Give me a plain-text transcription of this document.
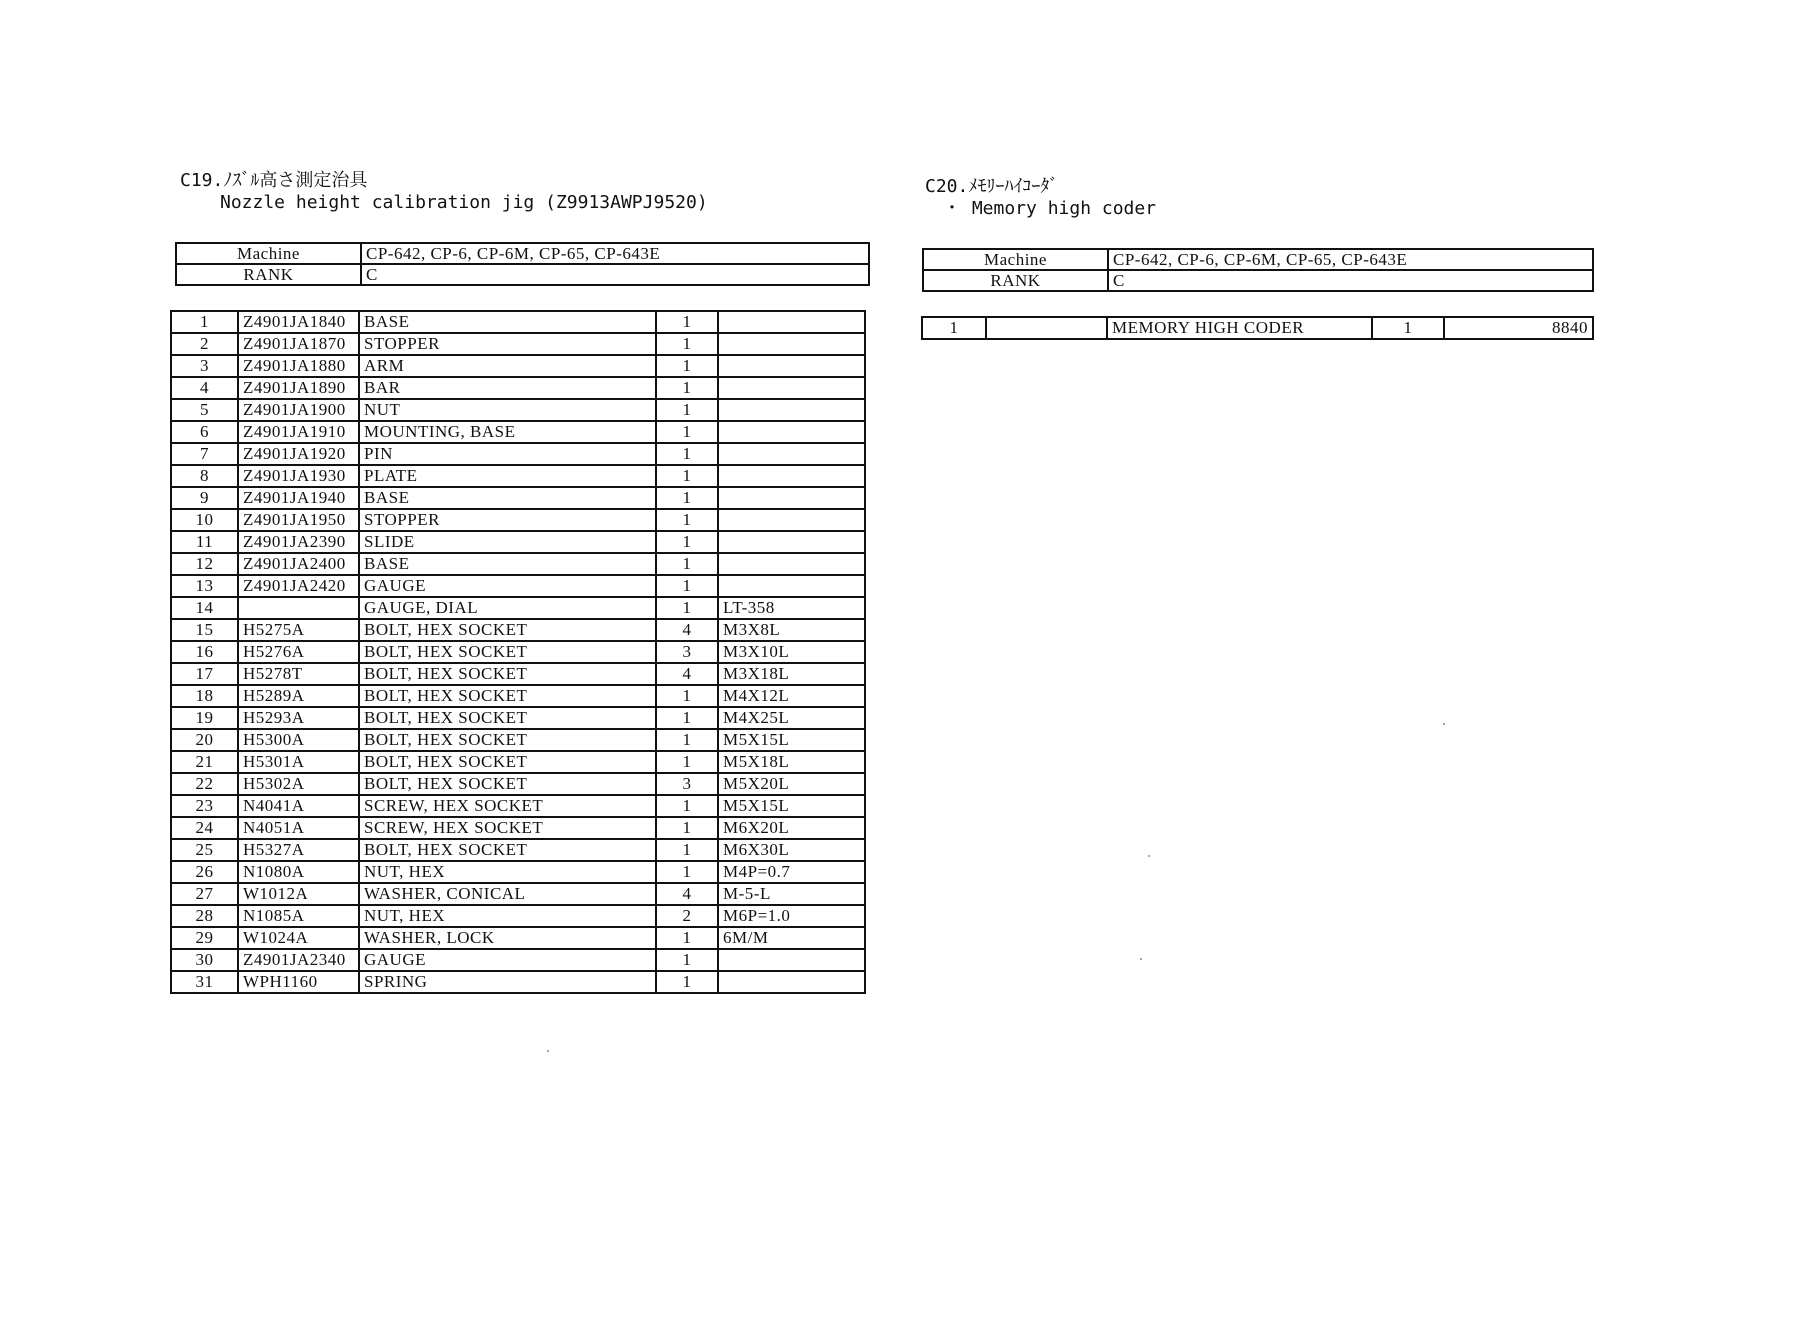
C19.ﾉｽﾞﾙ高さ測定治具
Nozzle height calibration jig (Z9913AWPJ9520)
Machine	CP-642, CP-6, CP-6M, CP-65, CP-643E
RANK	C
1	Z4901JA1840	BASE	1	
2	Z4901JA1870	STOPPER	1	
3	Z4901JA1880	ARM	1	
4	Z4901JA1890	BAR	1	
5	Z4901JA1900	NUT	1	
6	Z4901JA1910	MOUNTING, BASE	1	
7	Z4901JA1920	PIN	1	
8	Z4901JA1930	PLATE	1	
9	Z4901JA1940	BASE	1	
10	Z4901JA1950	STOPPER	1	
11	Z4901JA2390	SLIDE	1	
12	Z4901JA2400	BASE	1	
13	Z4901JA2420	GAUGE	1	
14		GAUGE, DIAL	1	LT-358
15	H5275A	BOLT, HEX SOCKET	4	M3X8L
16	H5276A	BOLT, HEX SOCKET	3	M3X10L
17	H5278T	BOLT, HEX SOCKET	4	M3X18L
18	H5289A	BOLT, HEX SOCKET	1	M4X12L
19	H5293A	BOLT, HEX SOCKET	1	M4X25L
20	H5300A	BOLT, HEX SOCKET	1	M5X15L
21	H5301A	BOLT, HEX SOCKET	1	M5X18L
22	H5302A	BOLT, HEX SOCKET	3	M5X20L
23	N4041A	SCREW, HEX SOCKET	1	M5X15L
24	N4051A	SCREW, HEX SOCKET	1	M6X20L
25	H5327A	BOLT, HEX SOCKET	1	M6X30L
26	N1080A	NUT, HEX	1	M4P=0.7
27	W1012A	WASHER, CONICAL	4	M-5-L
28	N1085A	NUT, HEX	2	M6P=1.0
29	W1024A	WASHER, LOCK	1	6M/M
30	Z4901JA2340	GAUGE	1	
31	WPH1160	SPRING	1	
C20.ﾒﾓﾘｰﾊｲｺｰﾀﾞ
・ Memory high coder
Machine	CP-642, CP-6, CP-6M, CP-65, CP-643E
RANK	C
1		MEMORY HIGH CODER	1	8840
